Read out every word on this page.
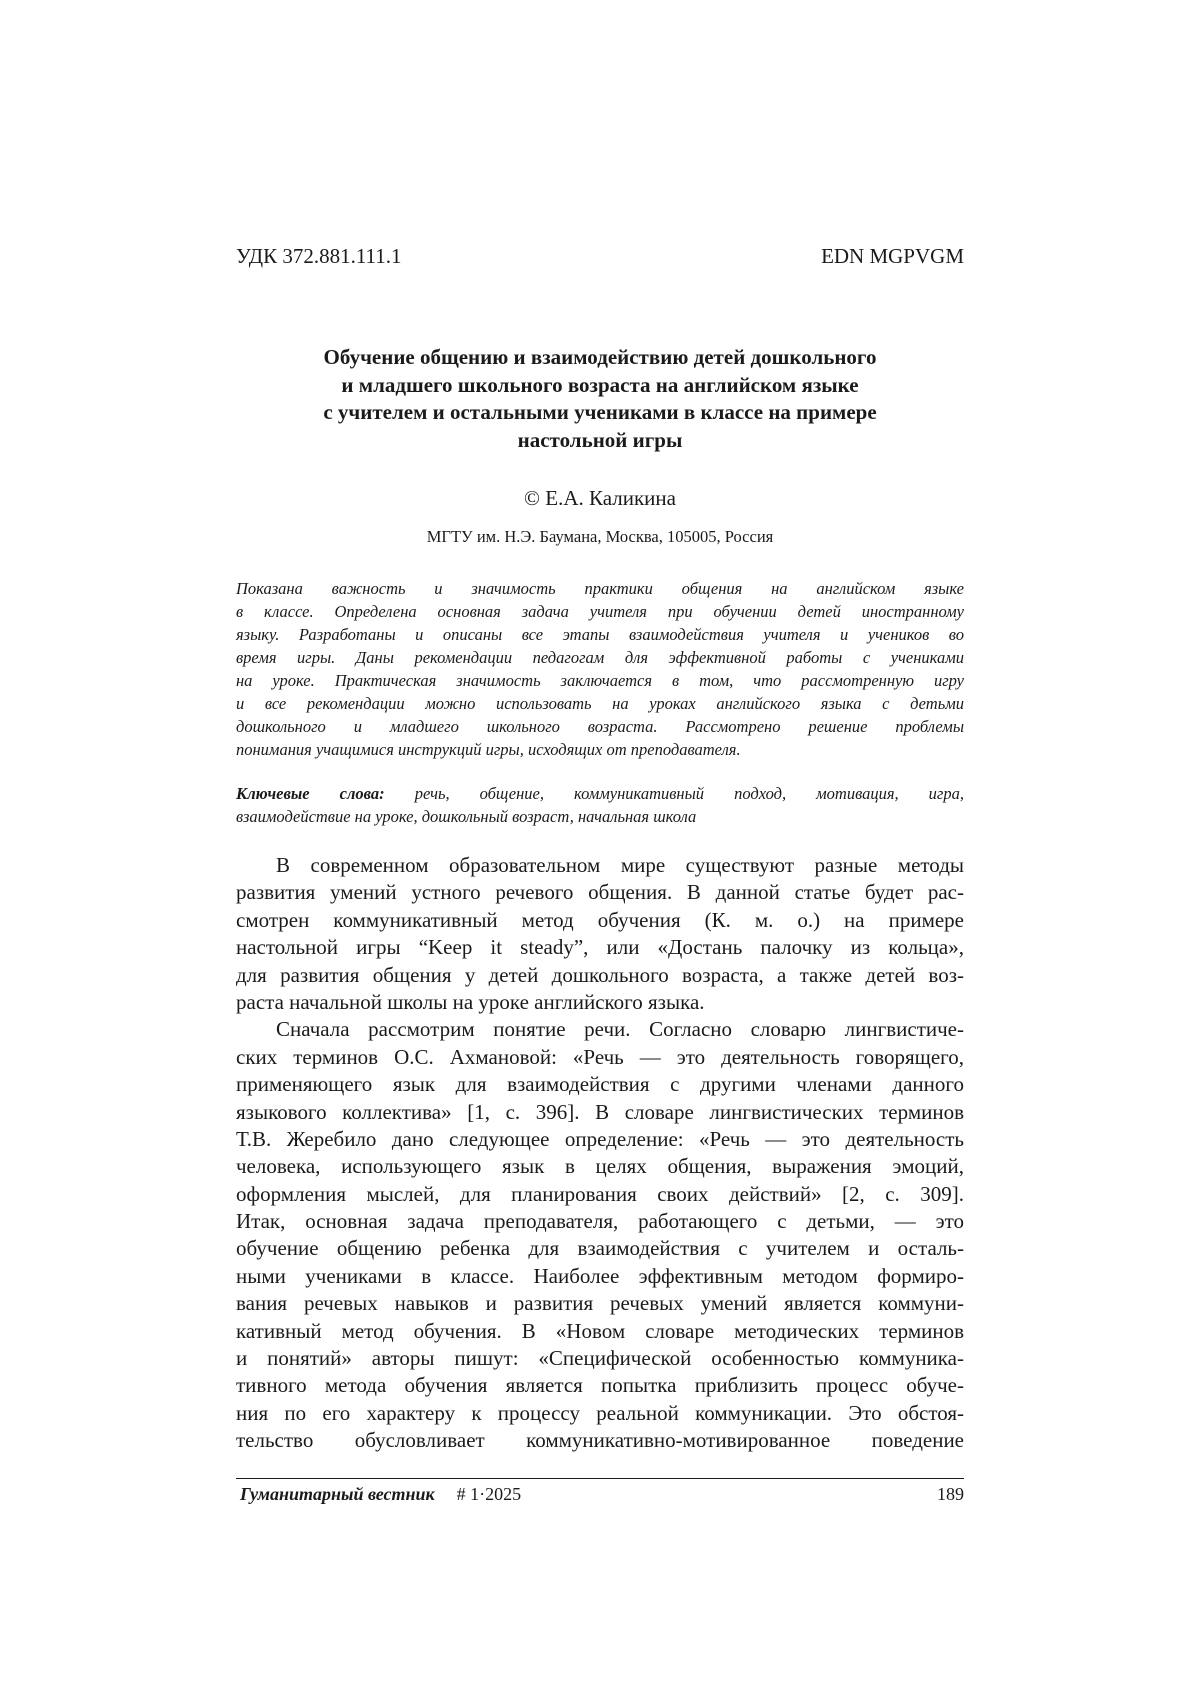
УДК 372.881.111.1	EDN MGPVGM
Обучение общению и взаимодействию детей дошкольного
и младшего школьного возраста на английском языке
с учителем и остальными учениками в классе на примере
настольной игры
© Е.А. Каликина
МГТУ им. Н.Э. Баумана, Москва, 105005, Россия
Показана важность и значимость практики общения на английском языке
в классе. Определена основная задача учителя при обучении детей иностранному
языку. Разработаны и описаны все этапы взаимодействия учителя и учеников во
время игры. Даны рекомендации педагогам для эффективной работы с учениками
на уроке. Практическая значимость заключается в том, что рассмотренную игру
и все рекомендации можно использовать на уроках английского языка с детьми
дошкольного и младшего школьного возраста. Рассмотрено решение проблемы
понимания учащимися инструкций игры, исходящих от преподавателя.
Ключевые слова: речь, общение, коммуникативный подход, мотивация, игра,
взаимодействие на уроке, дошкольный возраст, начальная школа
В современном образовательном мире существуют разные методы
развития умений устного речевого общения. В данной статье будет рас-
смотрен коммуникативный метод обучения (К. м. о.) на примере
настольной игры “Keep it steady”, или «Достань палочку из кольца»,
для развития общения у детей дошкольного возраста, а также детей воз-
раста начальной школы на уроке английского языка.
Сначала рассмотрим понятие речи. Согласно словарю лингвистиче-
ских терминов О.С. Ахмановой: «Речь — это деятельность говорящего,
применяющего язык для взаимодействия с другими членами данного
языкового коллектива» [1, с. 396]. В словаре лингвистических терминов
Т.В. Жеребило дано следующее определение: «Речь — это деятельность
человека, использующего язык в целях общения, выражения эмоций,
оформления мыслей, для планирования своих действий» [2, с. 309].
Итак, основная задача преподавателя, работающего с детьми, — это
обучение общению ребенка для взаимодействия с учителем и осталь-
ными учениками в классе. Наиболее эффективным методом формиро-
вания речевых навыков и развития речевых умений является коммуни-
кативный метод обучения. В «Новом словаре методических терминов
и понятий» авторы пишут: «Специфической особенностью коммуника-
тивного метода обучения является попытка приблизить процесс обуче-
ния по его характеру к процессу реальной коммуникации. Это обстоя-
тельство обусловливает коммуникативно-мотивированное поведение
Гуманитарный вестник # 1·2025	189
